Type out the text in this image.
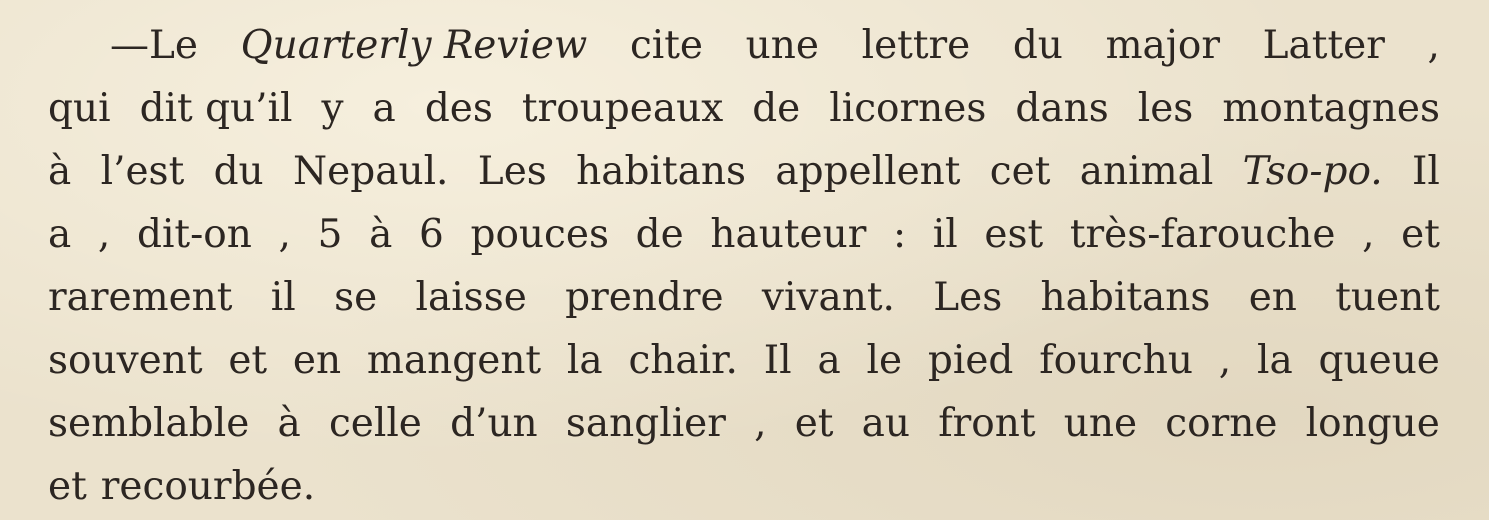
—Le Quarterly Review cite une lettre du major Latter ,
qui dit qu’il y a des troupeaux de licornes dans les montagnes
à l’est du Nepaul. Les habitans appellent cet animal Tso-po. Il
a , dit-on , 5 à 6 pouces de hauteur : il est très-farouche , et
rarement il se laisse prendre vivant. Les habitans en tuent
souvent et en mangent la chair. Il a le pied fourchu , la queue
semblable à celle d’un sanglier , et au front une corne longue
et recourbée.
